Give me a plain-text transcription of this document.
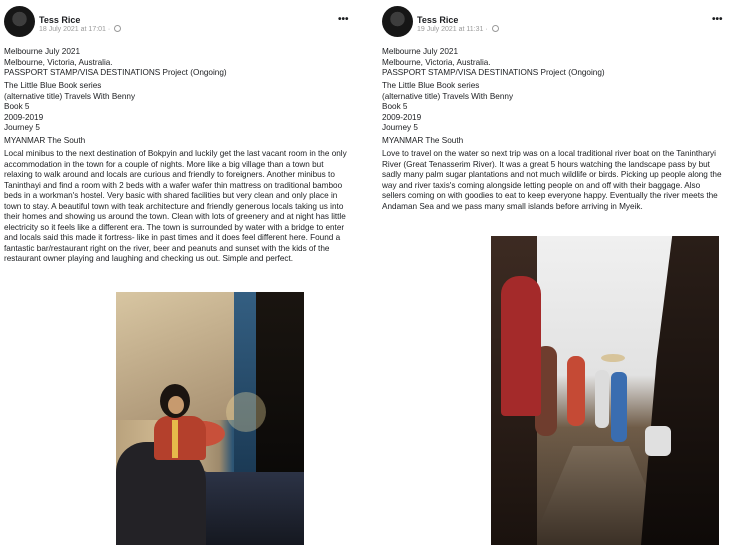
Tess Rice
18 July 2021 at 17:01 ·
•••
Melbourne July 2021
Melbourne, Victoria, Australia.
PASSPORT STAMP/VISA DESTINATIONS Project (Ongoing)
The Little Blue Book series
(alternative title) Travels With Benny
Book 5
2009-2019
Journey 5
MYANMAR The South
Local minibus to the next destination of Bokpyin and luckily get the last vacant room in the only accommodation in the town for a couple of nights. More like a big village than a town but relaxing to walk around and locals are curious and friendly to foreigners. Another minibus to Taninthayi and find a room with 2 beds with a wafer wafer thin mattress on traditional bamboo beds in a workman's hostel. Very basic with shared facilities but very clean and only place in town to stay. A beautiful town with teak architecture and friendly generous locals taking us into their homes and showing us around the town. Clean with lots of greenery and at night has little electricity so it feels like a different era. The town is surrounded by water with a bridge to enter and locals said this made it fortress- like in past times and it does feel different here. Found a fantastic bar/restaurant right on the river, beer and peanuts and sunset with the kids of the restaurant owner playing and laughing and checking us out. Simple and perfect.
Tess Rice
19 July 2021 at 11:31 ·
•••
Melbourne July 2021
Melbourne, Victoria, Australia.
PASSPORT STAMP/VISA DESTINATIONS Project (Ongoing)
The Little Blue Book series
(alternative title) Travels With Benny
Book 5
2009-2019
Journey 5
MYANMAR The South
Love to travel on the water so next trip was on a local traditional river boat on the Tanintharyi River (Great Tenasserim River). It was a great 5 hours watching the landscape pass by but sadly many palm sugar plantations and not much wildlife or birds. Picking up people along the way and river taxis's coming alongside letting people on and off with their baggage. Also sellers coming on with goodies to eat to keep everyone happy. Eventually the river meets the Andaman Sea and we pass many small islands before arriving in Myeik.
